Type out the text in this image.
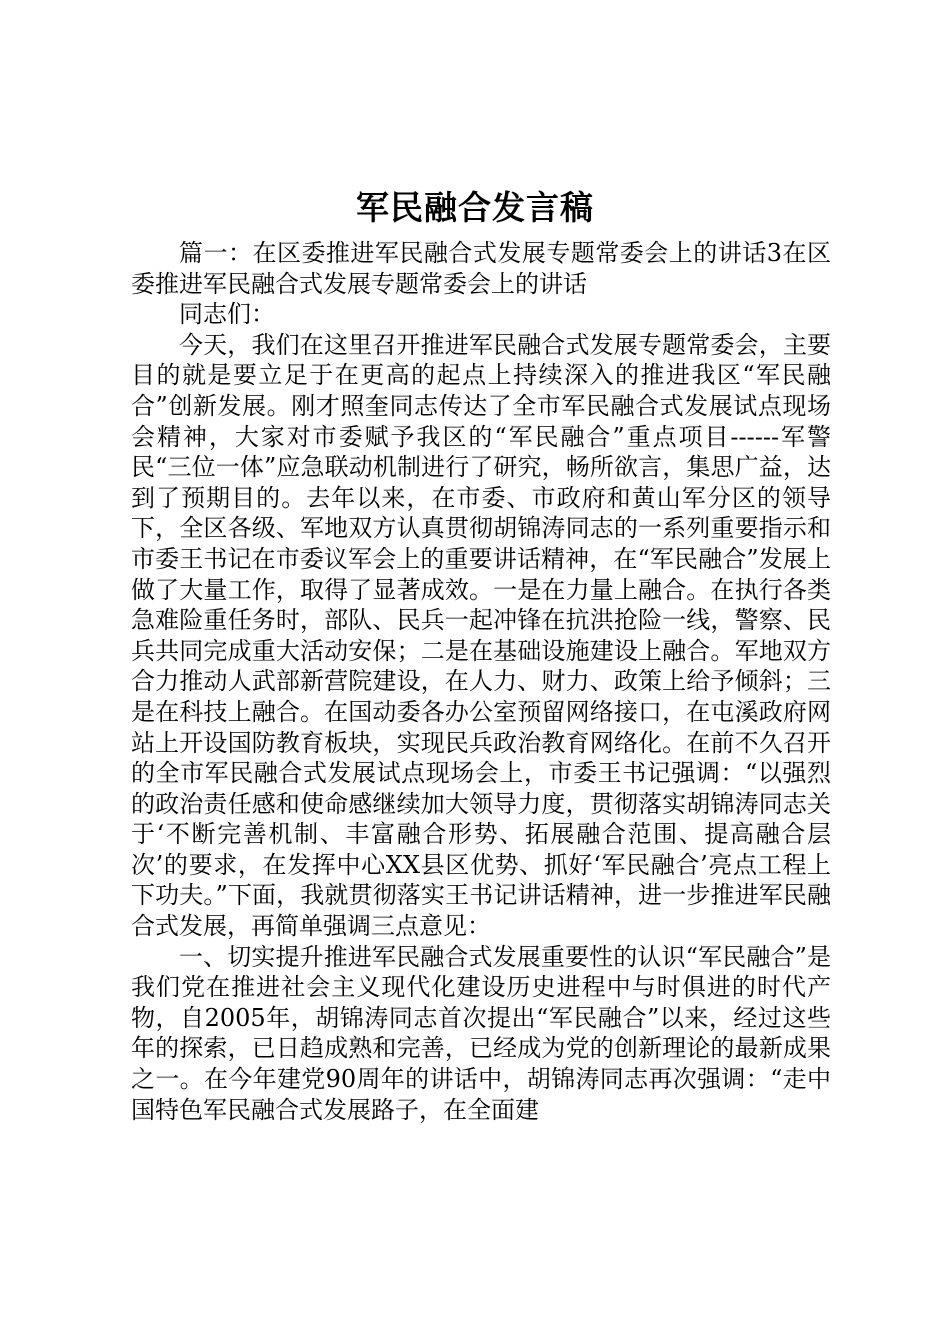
军民融合发言稿

篇一：在区委推进军民融合式发展专题常委会上的讲话3在区委推进军民融合式发展专题常委会上的讲话

同志们：

今天，我们在这里召开推进军民融合式发展专题常委会，主要目的就是要立足于在更高的起点上持续深入的推进我区“军民融合”创新发展。刚才照奎同志传达了全市军民融合式发展试点现场会精神，大家对市委赋予我区的“军民融合”重点项目------军警民“三位一体”应急联动机制进行了研究，畅所欲言，集思广益，达到了预期目的。去年以来，在市委、市政府和黄山军分区的领导下，全区各级、军地双方认真贯彻胡锦涛同志的一系列重要指示和市委王书记在市委议军会上的重要讲话精神，在“军民融合”发展上做了大量工作，取得了显著成效。一是在力量上融合。在执行各类急难险重任务时，部队、民兵一起冲锋在抗洪抢险一线，警察、民兵共同完成重大活动安保；二是在基础设施建设上融合。军地双方合力推动人武部新营院建设，在人力、财力、政策上给予倾斜；三是在科技上融合。在国动委各办公室预留网络接口，在屯溪政府网站上开设国防教育板块，实现民兵政治教育网络化。在前不久召开的全市军民融合式发展试点现场会上，市委王书记强调：“以强烈的政治责任感和使命感继续加大领导力度，贯彻落实胡锦涛同志关于‘不断完善机制、丰富融合形势、拓展融合范围、提高融合层次’的要求，在发挥中心XX县区优势、抓好‘军民融合’亮点工程上下功夫。”下面，我就贯彻落实王书记讲话精神，进一步推进军民融合式发展，再简单强调三点意见：

一、切实提升推进军民融合式发展重要性的认识“军民融合”是我们党在推进社会主义现代化建设历史进程中与时俱进的时代产物，自2005年，胡锦涛同志首次提出“军民融合”以来，经过这些年的探索，已日趋成熟和完善，已经成为党的创新理论的最新成果之一。在今年建党90周年的讲话中，胡锦涛同志再次强调：“走中国特色军民融合式发展路子，在全面建
